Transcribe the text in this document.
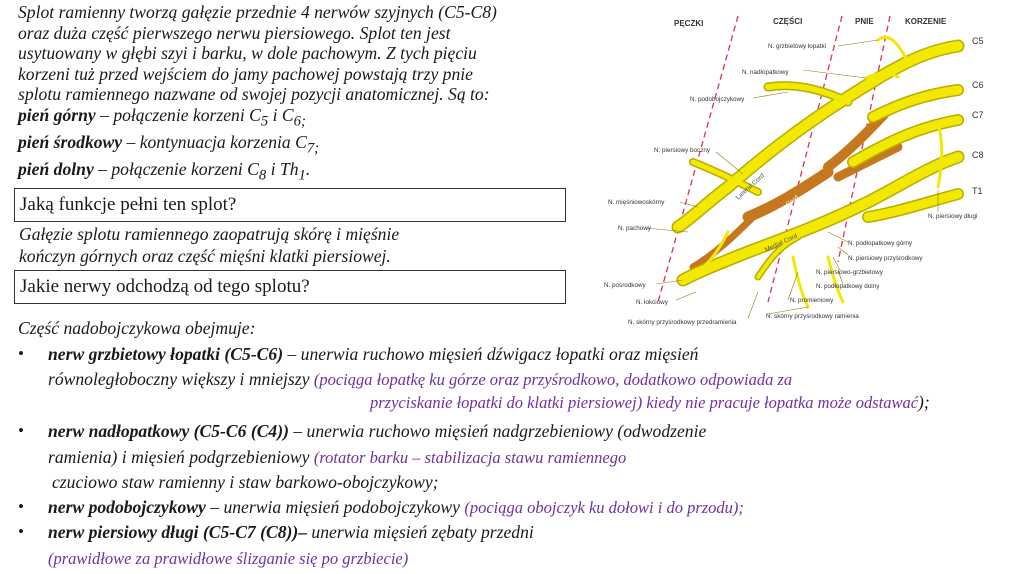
Splot ramienny tworzą gałęzie przednie 4 nerwów szyjnych (C5-C8)
oraz duża część pierwszego nerwu piersiowego. Splot ten jest
usytuowany w głębi szyi i barku, w dole pachowym. Z tych pięciu
korzeni tuż przed wejściem do jamy pachowej powstają trzy pnie
splotu ramiennego nazwane od swojej pozycji anatomicznej. Są to:
pień górny – połączenie korzeni $C_5$ i $C_{6;}$
pień środkowy – kontynuacja korzenia $C_{7;}$
pień dolny – połączenie korzeni $C_8$ i $Th_1$.
Jaką funkcje pełni ten splot?
Gałęzie splotu ramiennego zaopatrują skórę i mięśnie
kończyn górnych oraz część mięśni klatki piersiowej.
Jakie nerwy odchodzą od tego splotu?
Część nadobojczykowa obejmuje:
• nerw grzbietowy łopatki (C5-C6) – unerwia ruchowo mięsień dźwigacz łopatki oraz mięsień
równoległoboczny większy i mniejszy (pociąga łopatkę ku górze oraz przyśrodkowo, dodatkowo odpowiada za
przyciskanie łopatki do klatki piersiowej) kiedy nie pracuje łopatka może odstawać);
• nerw nadłopatkowy (C5-C6 (C4)) – unerwia ruchowo mięsień nadgrzebieniowy (odwodzenie
ramienia) i mięsień podgrzebieniowy (rotator barku – stabilizacja stawu ramiennego
czuciowo staw ramienny i staw barkowo-obojczykowy;
• nerw podobojczykowy – unerwia mięsień podobojczykowy (pociąga obojczyk ku dołowi i do przodu);
• nerw piersiowy długi (C5-C7 (C8))– unerwia mięsień zębaty przedni
(prawidłowe za prawidłowe ślizganie się po grzbiecie)
PĘCZKI	CZĘŚCI	PNIE	KORZENIE
Lateral Cord
Posterior Cord
Medial Cord
C5
C6
C7
C8
T1
N. grzbietowy łopatki
N. nadłopatkowy
N. podobojczykowy
N. piersiowy boczny
N. mięśniowoskórny
N. pachowy
N. pośrodkowy
N. łokciowy
N. skórny przyśrodkowy przedramienia
N. skórny przyśrodkowy ramienia
N. promieniowy
N. podłopatkowy dolny
N. piersiowo-grzbietowy
N. piersiowy przyśrodkowy
N. podłopatkowy górny
N. piersiowy długi
